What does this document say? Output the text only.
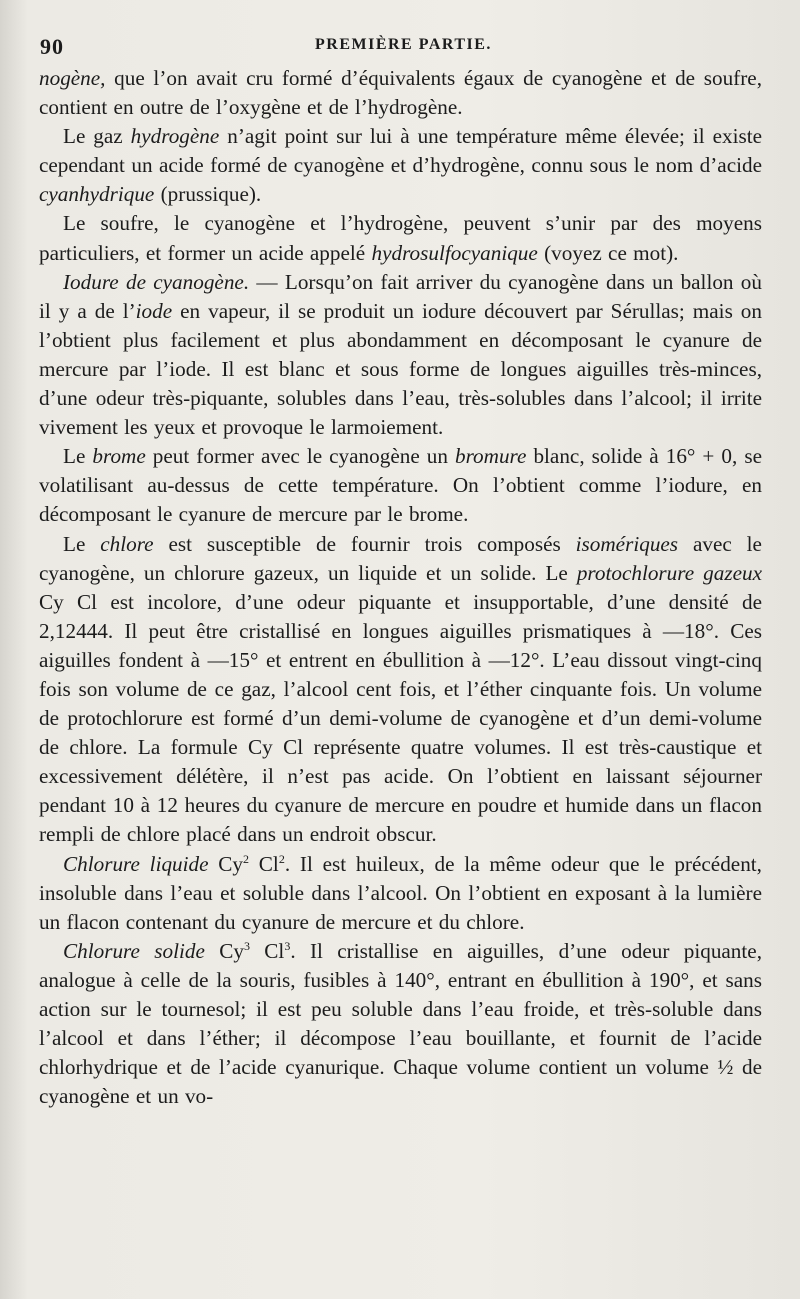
90	PREMIÈRE PARTIE.

nogène, que l’on avait cru formé d’équivalents égaux de cyanogène et de soufre, contient en outre de l’oxygène et de l’hydrogène.

Le gaz hydrogène n’agit point sur lui à une température même élevée; il existe cependant un acide formé de cyanogène et d’hydrogène, connu sous le nom d’acide cyanhydrique (prussique).

Le soufre, le cyanogène et l’hydrogène, peuvent s’unir par des moyens particuliers, et former un acide appelé hydrosulfocyanique (voyez ce mot).

Iodure de cyanogène. — Lorsqu’on fait arriver du cyanogène dans un ballon où il y a de l’iode en vapeur, il se produit un iodure découvert par Sérullas; mais on l’obtient plus facilement et plus abondamment en décomposant le cyanure de mercure par l’iode. Il est blanc et sous forme de longues aiguilles très-minces, d’une odeur très-piquante, solubles dans l’eau, très-solubles dans l’alcool; il irrite vivement les yeux et provoque le larmoiement.

Le brome peut former avec le cyanogène un bromure blanc, solide à 16° + 0, se volatilisant au-dessus de cette température. On l’obtient comme l’iodure, en décomposant le cyanure de mercure par le brome.

Le chlore est susceptible de fournir trois composés isomériques avec le cyanogène, un chlorure gazeux, un liquide et un solide. Le protochlorure gazeux Cy Cl est incolore, d’une odeur piquante et insupportable, d’une densité de 2,12444. Il peut être cristallisé en longues aiguilles prismatiques à —18°. Ces aiguilles fondent à —15° et entrent en ébullition à —12°. L’eau dissout vingt-cinq fois son volume de ce gaz, l’alcool cent fois, et l’éther cinquante fois. Un volume de protochlorure est formé d’un demi-volume de cyanogène et d’un demi-volume de chlore. La formule Cy Cl représente quatre volumes. Il est très-caustique et excessivement délétère, il n’est pas acide. On l’obtient en laissant séjourner pendant 10 à 12 heures du cyanure de mercure en poudre et humide dans un flacon rempli de chlore placé dans un endroit obscur.

Chlorure liquide Cy$^2$ Cl$^2$. Il est huileux, de la même odeur que le précédent, insoluble dans l’eau et soluble dans l’alcool. On l’obtient en exposant à la lumière un flacon contenant du cyanure de mercure et du chlore.

Chlorure solide Cy$^3$ Cl$^3$. Il cristallise en aiguilles, d’une odeur piquante, analogue à celle de la souris, fusibles à 140°, entrant en ébullition à 190°, et sans action sur le tournesol; il est peu soluble dans l’eau froide, et très-soluble dans l’alcool et dans l’éther; il décompose l’eau bouillante, et fournit de l’acide chlorhydrique et de l’acide cyanurique. Chaque volume contient un volume ½ de cyanogène et un vo-
